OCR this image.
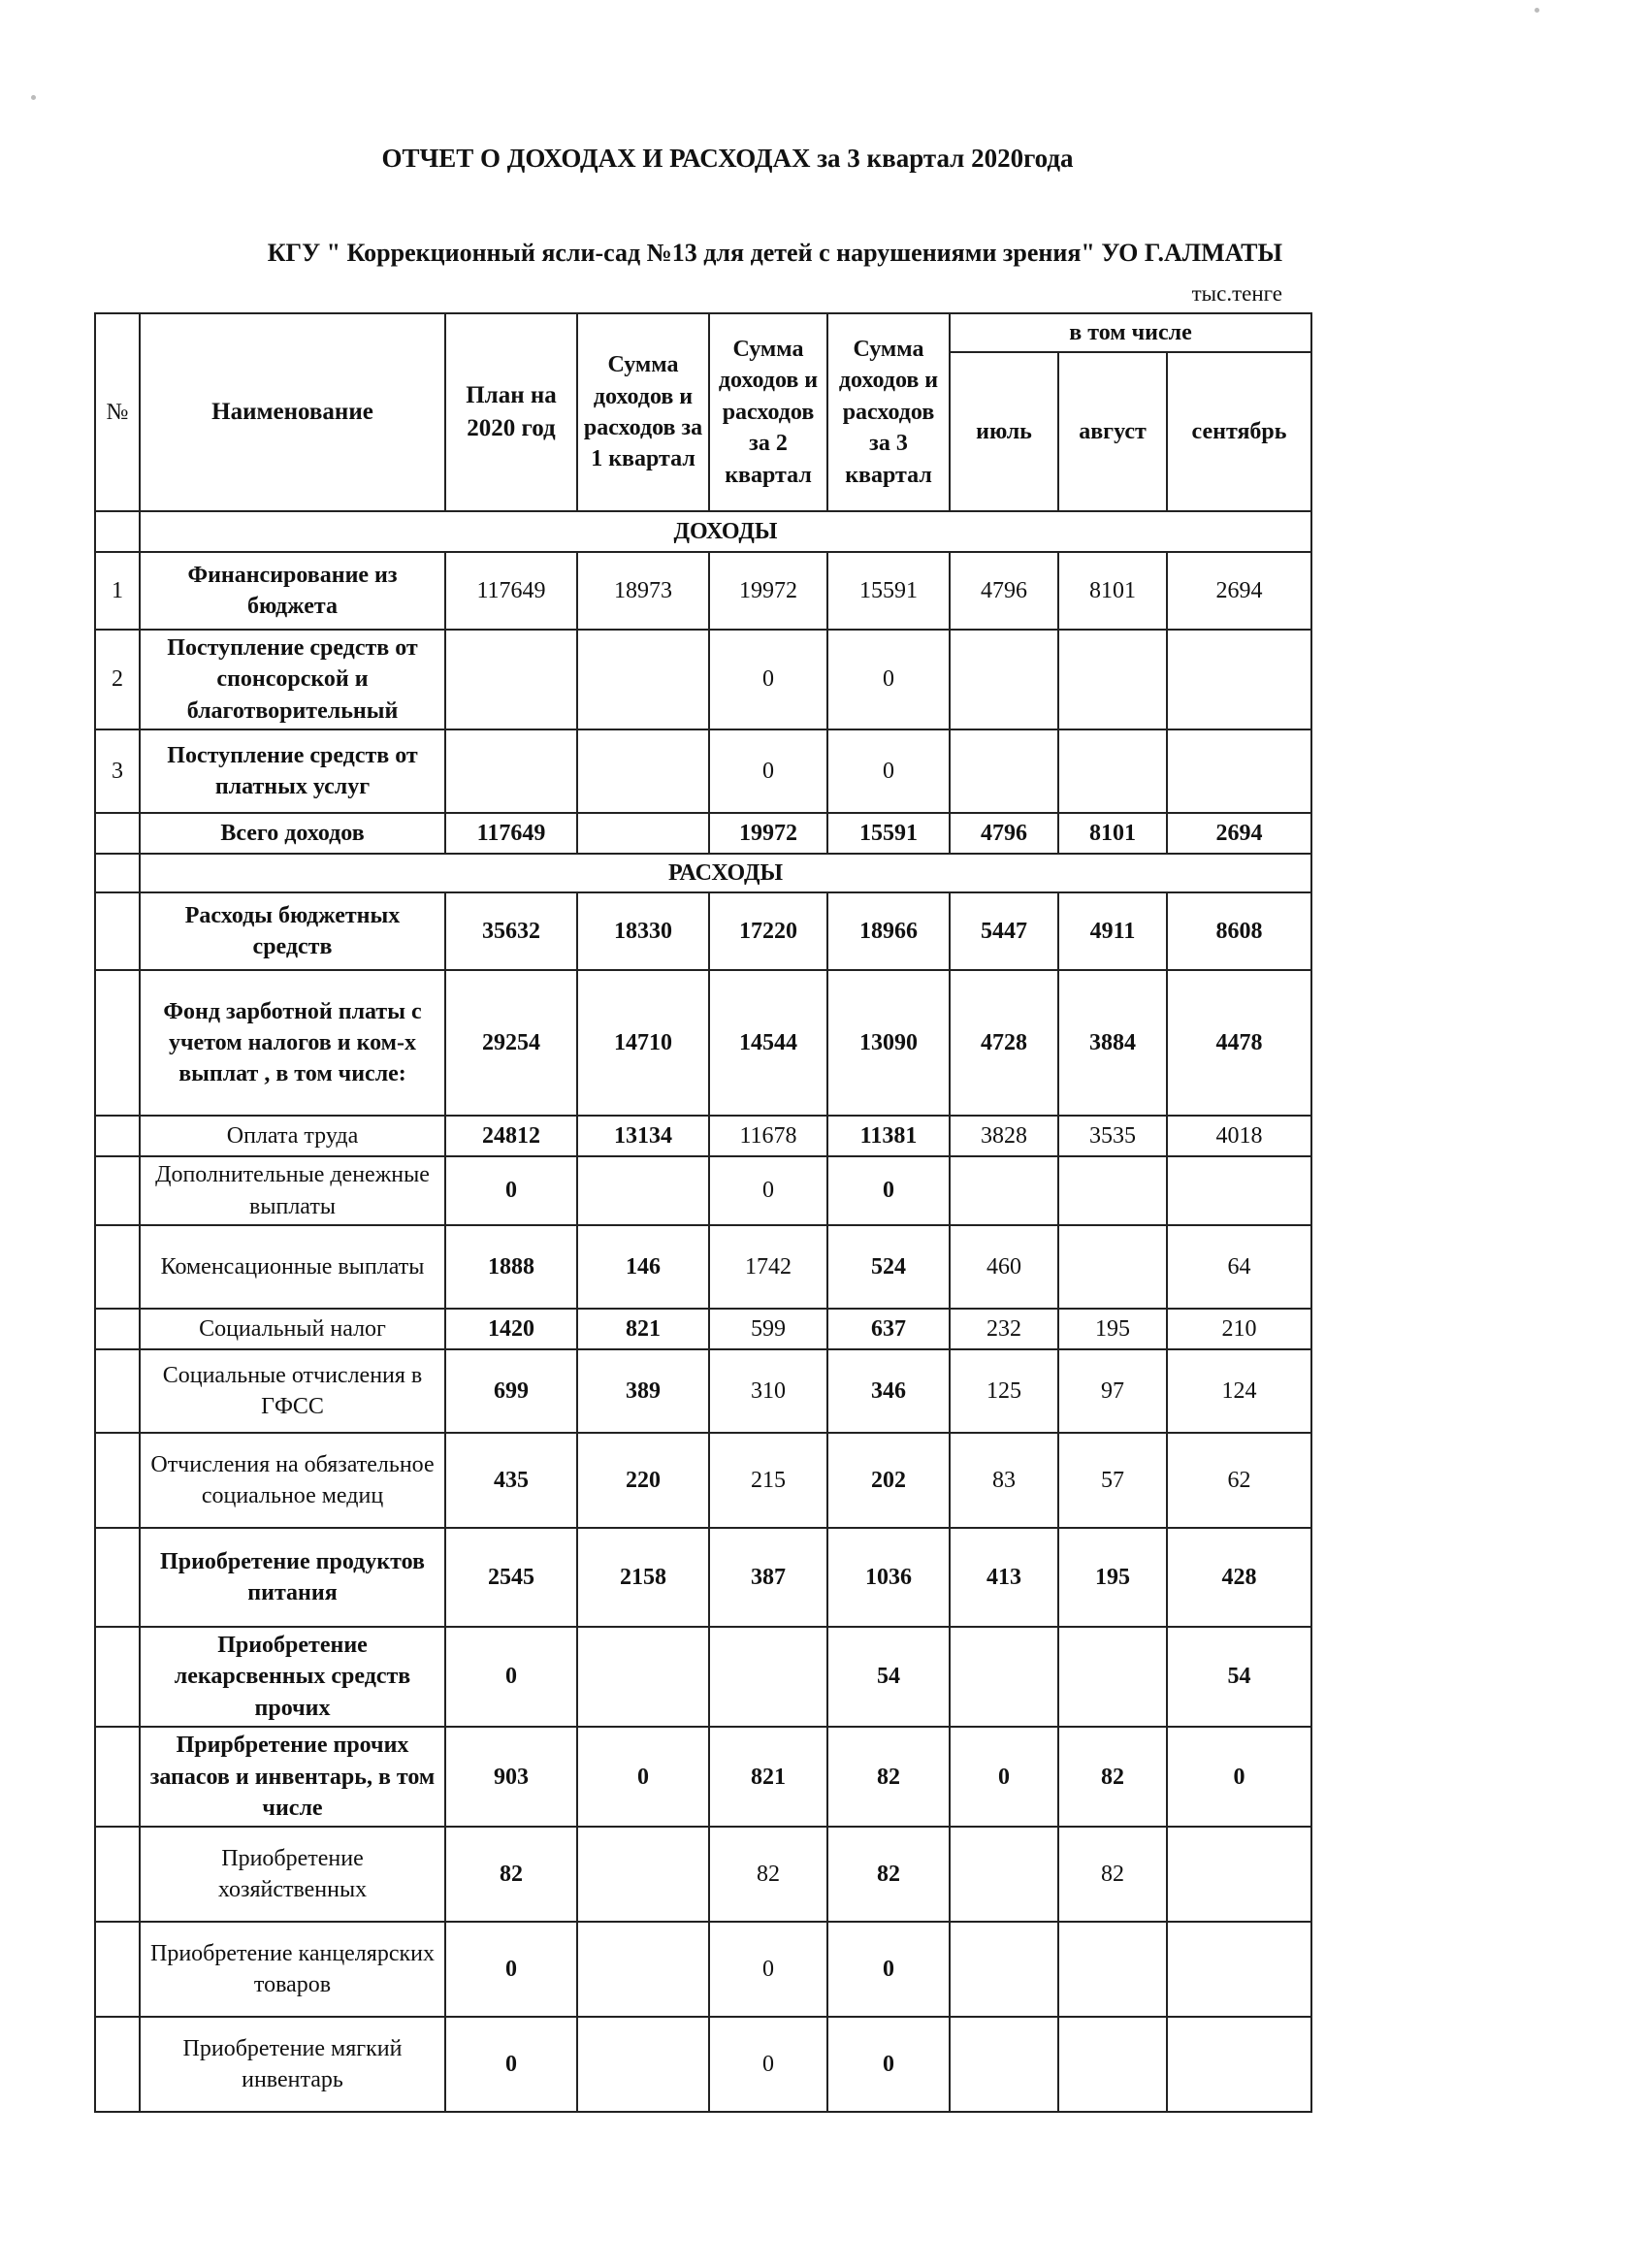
ОТЧЕТ О ДОХОДАХ И РАСХОДАХ за 3 квартал 2020года
КГУ " Коррекционный ясли-сад №13 для детей с нарушениями зрения" УО Г.АЛМАТЫ
тыс.тенге
№	Наименование	План на 2020 год	Сумма доходов и расходов за 1 квартал	Сумма доходов и расходов за 2 квартал	Сумма доходов и расходов за 3 квартал	в том числе		
						июль	август	сентябрь
	ДОХОДЫ							
1	Финансирование из бюджета	117649	18973	19972	15591	4796	8101	2694
2	Поступление средств от спонсорской и благотворительный			0	0			
3	Поступление средств от платных услуг			0	0			
	Всего доходов	117649		19972	15591	4796	8101	2694
	РАСХОДЫ							
	Расходы бюджетных средств	35632	18330	17220	18966	5447	4911	8608
	Фонд зарботной платы с учетом налогов и ком-х выплат , в том числе:	29254	14710	14544	13090	4728	3884	4478
	Оплата труда	24812	13134	11678	11381	3828	3535	4018
	Дополнительные денежные выплаты	0		0	0			
	Коменсационные выплаты	1888	146	1742	524	460		64
	Социальный налог	1420	821	599	637	232	195	210
	Социальные отчисления в ГФСС	699	389	310	346	125	97	124
	Отчисления на обязательное социальное медиц	435	220	215	202	83	57	62
	Приобретение продуктов питания	2545	2158	387	1036	413	195	428
	Приобретение лекарсвенных средств прочих	0			54			54
	Прирбретение прочих запасов и инвентарь, в том числе	903	0	821	82	0	82	0
	Приобретение хозяйственных	82		82	82		82	
	Приобретение канцелярских товаров	0		0	0			
	Приобретение мягкий инвентарь	0		0	0			
